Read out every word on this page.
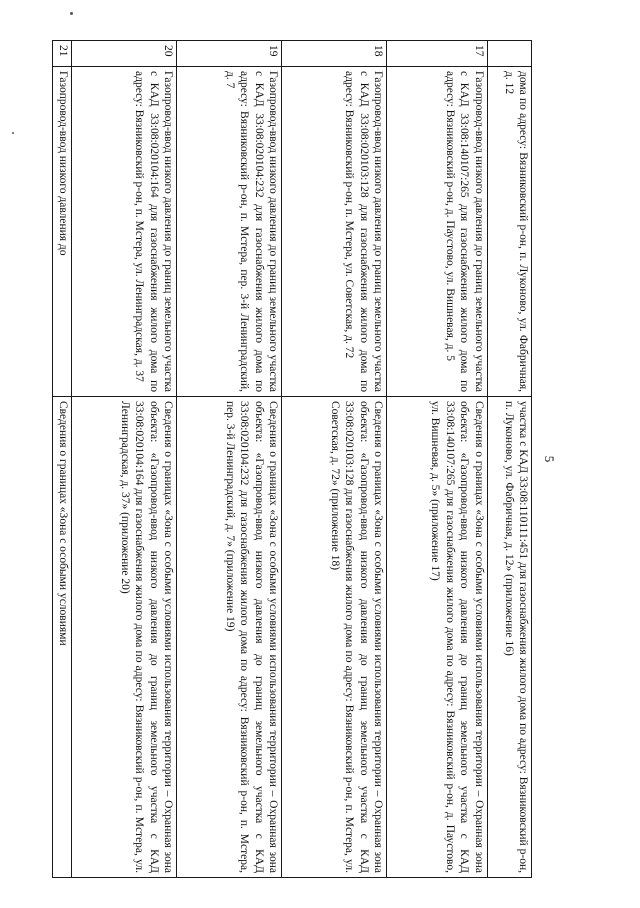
5
	дома по адресу: Вязниковский р-он, п. Луконово, ул. Фабричная, д. 12	участка с КАД 33:08:110111:451 для газоснабжения жилого дома по адресу: Вязниковский р-он, п. Луконово, ул. Фабричная, д. 12» (приложение 16)
17	Газопровод-ввод низкого давления до границ земельного участка с КАД 33:08:140107:265 для газоснабжения жилого дома по адресу: Вязниковский р-он, д. Паустово, ул. Вишневая, д. 5	Сведения о границах «Зона с особыми условиями использования территории – Охранная зона объекта: «Газопровод-ввод низкого давления до границ земельного участка с КАД 33:08:140107:265 для газоснабжения жилого дома по адресу: Вязниковский р-он, д. Паустово, ул. Вишневая, д. 5» (приложение 17)
18	Газопровод-ввод низкого давления до границ земельного участка с КАД 33:08:020103:128 для газоснабжения жилого дома по адресу: Вязниковский р-он, п. Мстера, ул. Советская, д. 72	Сведения о границах «Зона с особыми условиями использования территории – Охранная зона объекта: «Газопровод-ввод низкого давления до границ земельного участка с КАД 33:08:020103:128 для газоснабжения жилого дома по адресу: Вязниковский р-он, п. Мстера, ул. Советская, д. 72» (приложение 18)
19	Газопровод-ввод низкого давления до границ земельного участка с КАД 33:08:020104:232 для газоснабжения жилого дома по адресу: Вязниковский р-он, п. Мстера, пер. 3-й Ленинградский, д. 7	Сведения о границах «Зона с особыми условиями использования территории – Охранная зона объекта: «Газопровод-ввод низкого давления до границ земельного участка с КАД 33:08:020104:232 для газоснабжения жилого дома по адресу: Вязниковский р-он, п. Мстера, пер. 3-й Ленинградский, д. 7» (приложение 19)
20	Газопровод-ввод низкого давления до границ земельного участка с КАД 33:08:020104:164 для газоснабжения жилого дома по адресу: Вязниковский р-он, п. Мстера, ул. Ленинградская, д. 37	Сведения о границах «Зона с особыми условиями использования территории – Охранная зона объекта: «Газопровод-ввод низкого давления до границ земельного участка с КАД 33:08:020104:164 для газоснабжения жилого дома по адресу: Вязниковский р-он, п. Мстера, ул. Ленинградская, д. 37» (приложение 20)
21	Газопровод-ввод низкого давления до	Сведения о границах «Зона с особыми условиями
